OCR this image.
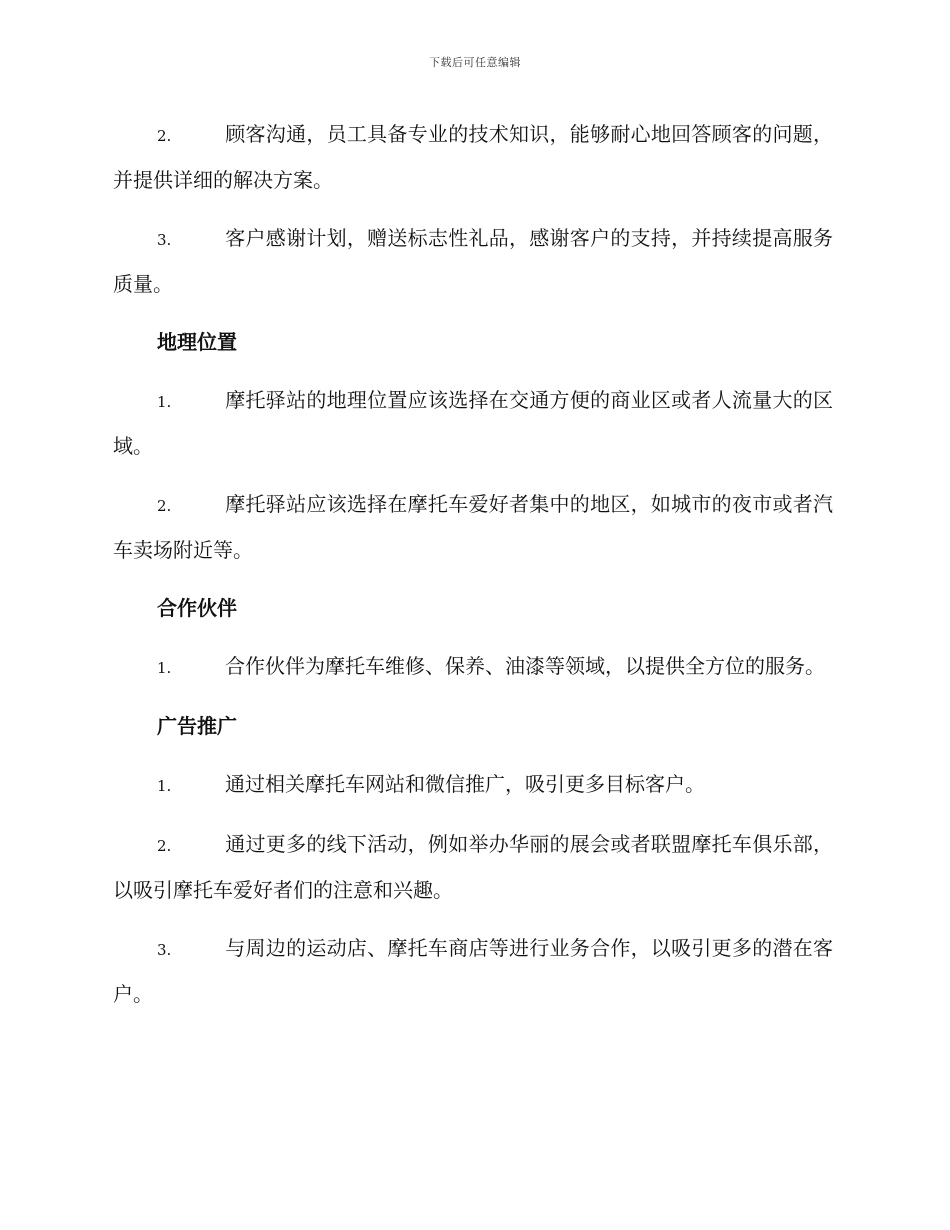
下载后可任意编辑

2.	顾客沟通，员工具备专业的技术知识，能够耐心地回答顾客的问题，并提供详细的解决方案。

3.	客户感谢计划，赠送标志性礼品，感谢客户的支持，并持续提高服务质量。

地理位置

1.	摩托驿站的地理位置应该选择在交通方便的商业区或者人流量大的区域。

2.	摩托驿站应该选择在摩托车爱好者集中的地区，如城市的夜市或者汽车卖场附近等。

合作伙伴

1.	合作伙伴为摩托车维修、保养、油漆等领域，以提供全方位的服务。

广告推广

1.	通过相关摩托车网站和微信推广，吸引更多目标客户。

2.	通过更多的线下活动，例如举办华丽的展会或者联盟摩托车俱乐部，以吸引摩托车爱好者们的注意和兴趣。

3.	与周边的运动店、摩托车商店等进行业务合作，以吸引更多的潜在客户。
